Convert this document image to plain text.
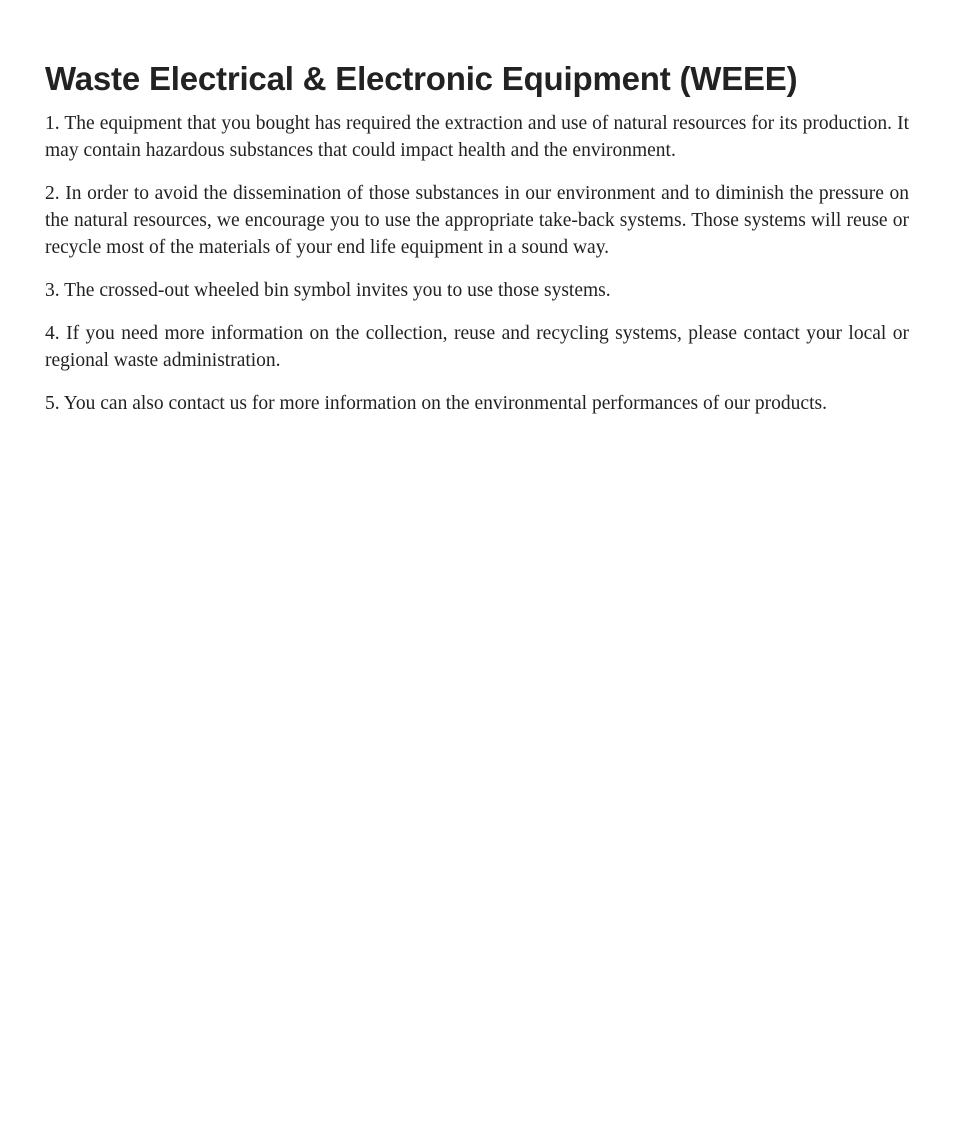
Waste Electrical & Electronic Equipment (WEEE)

1. The equipment that you bought has required the extraction and use of natural resources for its production. It may contain hazardous substances that could impact health and the environment.

2. In order to avoid the dissemination of those substances in our environment and to diminish the pressure on the natural resources, we encourage you to use the appropriate take-back systems. Those systems will reuse or recycle most of the materials of your end life equipment in a sound way.

3. The crossed-out wheeled bin symbol invites you to use those systems.

4. If you need more information on the collection, reuse and recycling systems, please contact your local or regional waste administration.

5. You can also contact us for more information on the environmental performances of our products.
